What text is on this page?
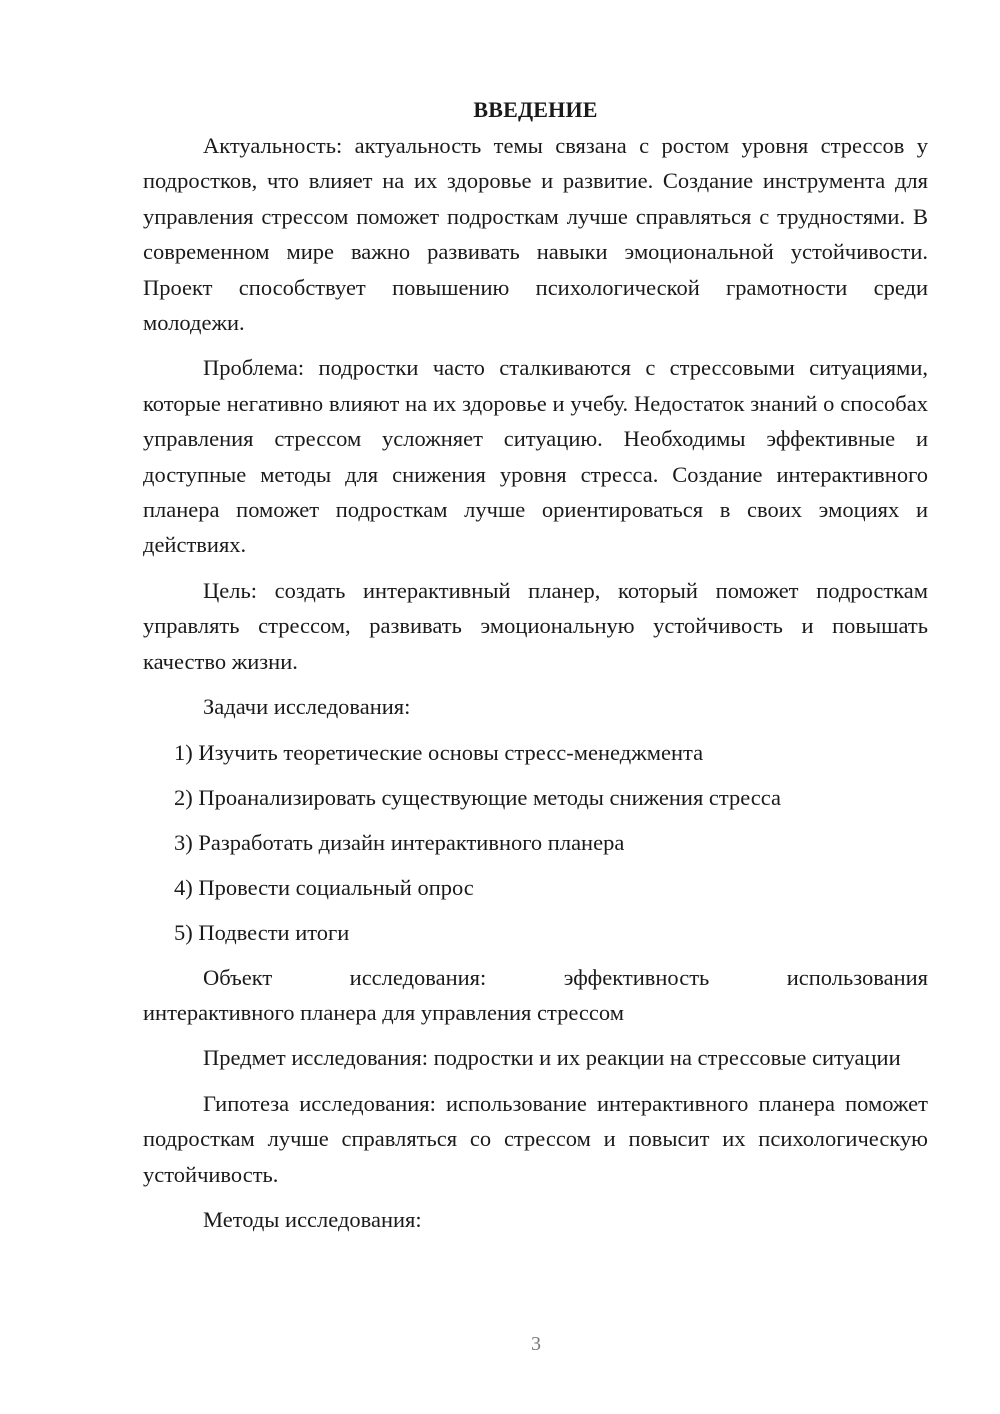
ВВЕДЕНИЕ

Актуальность: актуальность темы связана с ростом уровня стрессов у подростков, что влияет на их здоровье и развитие. Создание инструмента для управления стрессом поможет подросткам лучше справляться с трудностями. В современном мире важно развивать навыки эмоциональной устойчивости. Проект способствует повышению психологической грамотности среди молодежи.

Проблема: подростки часто сталкиваются с стрессовыми ситуациями, которые негативно влияют на их здоровье и учебу. Недостаток знаний о способах управления стрессом усложняет ситуацию. Необходимы эффективные и доступные методы для снижения уровня стресса. Создание интерактивного планера поможет подросткам лучше ориентироваться в своих эмоциях и действиях.

Цель: создать интерактивный планер, который поможет подросткам управлять стрессом, развивать эмоциональную устойчивость и повышать качество жизни.

Задачи исследования:

1) Изучить теоретические основы стресс-менеджмента

2) Проанализировать существующие методы снижения стресса

3) Разработать дизайн интерактивного планера

4) Провести социальный опрос

5) Подвести итоги

Объект исследования: эффективность использования

интерактивного планера для управления стрессом

Предмет исследования: подростки и их реакции на стрессовые ситуации

Гипотеза исследования: использование интерактивного планера поможет подросткам лучше справляться со стрессом и повысит их психологическую устойчивость.

Методы исследования:

3
